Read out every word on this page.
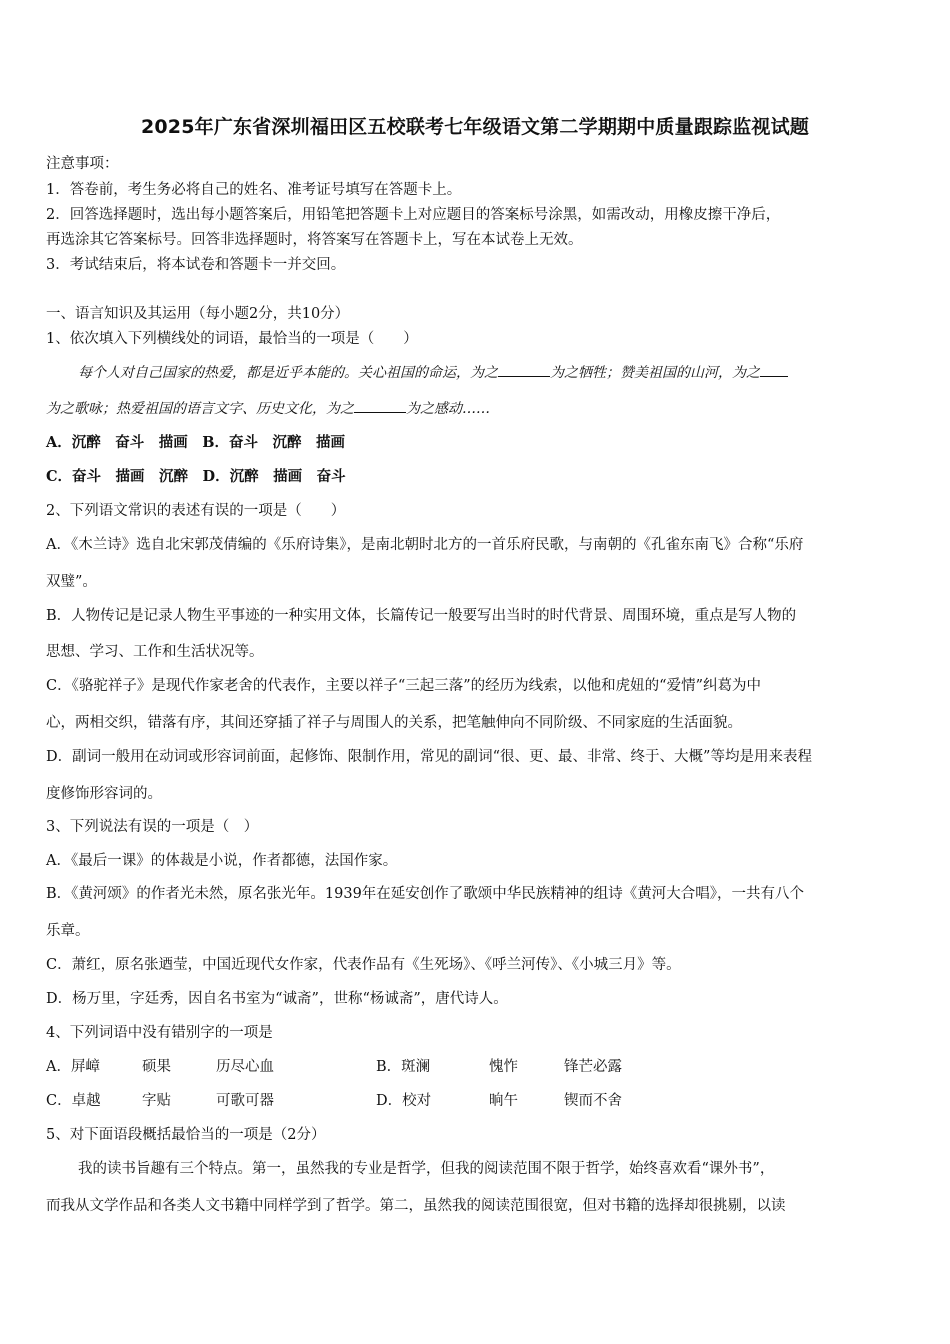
2025年广东省深圳福田区五校联考七年级语文第二学期期中质量跟踪监视试题
注意事项：
1．答卷前，考生务必将自己的姓名、准考证号填写在答题卡上。
2．回答选择题时，选出每小题答案后，用铅笔把答题卡上对应题目的答案标号涂黑，如需改动，用橡皮擦干净后，
再选涂其它答案标号。回答非选择题时，将答案写在答题卡上，写在本试卷上无效。
3．考试结束后，将本试卷和答题卡一并交回。
一、语言知识及其运用（每小题2分，共10分）
1、依次填入下列横线处的词语，最恰当的一项是（　　）
每个人对自己国家的热爱，都是近乎本能的。关心祖国的命运，为之	为之牺牲；赞美祖国的山河，为之
为之歌咏；热爱祖国的语言文字、历史文化，为之	为之感动……
A．沉醉　奋斗　描画　B．奋斗　沉醉　描画
C．奋斗　描画　沉醉　D．沉醉　描画　奋斗
2、下列语文常识的表述有误的一项是（　　）
A．《木兰诗》选自北宋郭茂倩编的《乐府诗集》，是南北朝时北方的一首乐府民歌，与南朝的《孔雀东南飞》合称“乐府
双璧”。
B．人物传记是记录人物生平事迹的一种实用文体，长篇传记一般要写出当时的时代背景、周围环境，重点是写人物的
思想、学习、工作和生活状况等。
C．《骆驼祥子》是现代作家老舍的代表作，主要以祥子“三起三落”的经历为线索，以他和虎妞的“爱情”纠葛为中
心，两相交织，错落有序，其间还穿插了祥子与周围人的关系，把笔触伸向不同阶级、不同家庭的生活面貌。
D．副词一般用在动词或形容词前面，起修饰、限制作用，常见的副词“很、更、最、非常、终于、大概”等均是用来表程
度修饰形容词的。
3、下列说法有误的一项是（　）
A．《最后一课》的体裁是小说，作者都德，法国作家。
B．《黄河颂》的作者光未然，原名张光年。1939年在延安创作了歌颂中华民族精神的组诗《黄河大合唱》，一共有八个
乐章。
C．萧红，原名张迺莹，中国近现代女作家，代表作品有《生死场》、《呼兰河传》、《小城三月》等。
D．杨万里，字廷秀，因自名书室为“诚斋”，世称“杨诚斋”，唐代诗人。
4、下列词语中没有错别字的一项是
A．屏嶂	硕果	历尽心血	B．斑澜	愧怍	锋芒必露
C．卓越	字贴	可歌可器	D．校对	晌午	锲而不舍
5、对下面语段概括最恰当的一项是（2分）
我的读书旨趣有三个特点。第一，虽然我的专业是哲学，但我的阅读范围不限于哲学，始终喜欢看“课外书”，
而我从文学作品和各类人文书籍中同样学到了哲学。第二，虽然我的阅读范围很宽，但对书籍的选择却很挑剔，以读
